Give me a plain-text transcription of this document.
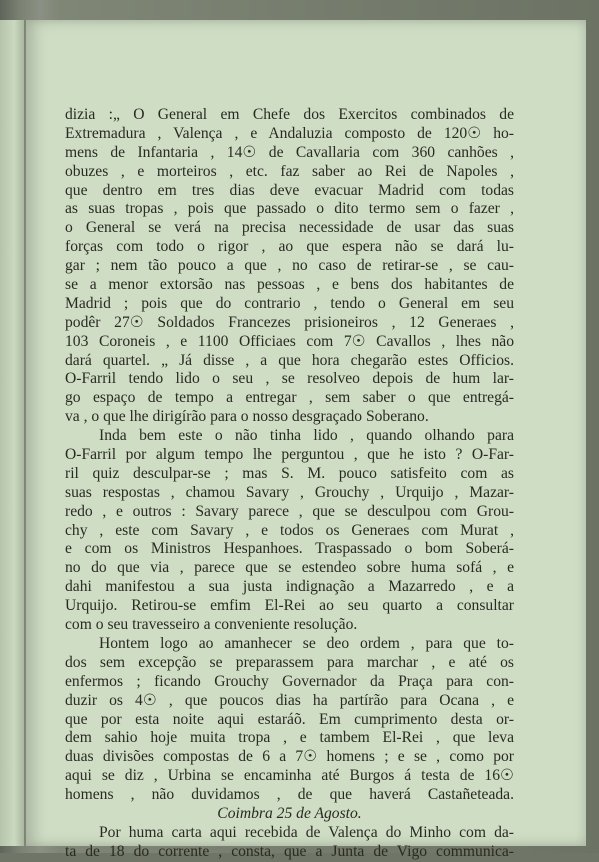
dizia :„ O General em Chefe dos Exercitos combinados de
Extremadura , Valença , e Andaluzia composto de 120☉ ho-
mens de Infantaria , 14☉ de Cavallaria com 360 canhões ,
obuzes , e morteiros , etc. faz saber ao Rei de Napoles ,
que dentro em tres dias deve evacuar Madrid com todas
as suas tropas , pois que passado o dito termo sem o fazer ,
o General se verá na precisa necessidade de usar das suas
forças com todo o rigor , ao que espera não se dará lu-
gar ; nem tão pouco a que , no caso de retirar-se , se cau-
se a menor extorsão nas pessoas , e bens dos habitantes de
Madrid ; pois que do contrario , tendo o General em seu
podêr 27☉ Soldados Francezes prisioneiros , 12 Generaes ,
103 Coroneis , e 1100 Officiaes com 7☉ Cavallos , lhes não
dará quartel. „ Já disse , a que hora chegarão estes Officios.
O-Farril tendo lido o seu , se resolveo depois de hum lar-
go espaço de tempo a entregar , sem saber o que entregá-
va , o que lhe dirigírão para o nosso desgraçado Soberano.
Inda bem este o não tinha lido , quando olhando para
O-Farril por algum tempo lhe perguntou , que he isto ? O-Far-
ril quiz desculpar-se ; mas S. M. pouco satisfeito com as
suas respostas , chamou Savary , Grouchy , Urquijo , Mazar-
redo , e outros : Savary parece , que se desculpou com Grou-
chy , este com Savary , e todos os Generaes com Murat ,
e com os Ministros Hespanhoes. Traspassado o bom Soberá-
no do que via , parece que se estendeo sobre huma sofá , e
dahi manifestou a sua justa indignação a Mazarredo , e a
Urquijo. Retirou-se emfim El-Rei ao seu quarto a consultar
com o seu travesseiro a conveniente resolução.
Hontem logo ao amanhecer se deo ordem , para que to-
dos sem excepção se preparassem para marchar , e até os
enfermos ; ficando Grouchy Governador da Praça para con-
duzir os 4☉ , que poucos dias ha partírão para Ocana , e
que por esta noite aqui estaráõ. Em cumprimento desta or-
dem sahio hoje muita tropa , e tambem El-Rei , que leva
duas divisões compostas de 6 a 7☉ homens ; e se , como por
aqui se diz , Urbina se encaminha até Burgos á testa de 16☉
homens , não duvidamos , de que haverá Castañeteada.
Coimbra 25 de Agosto.
Por huma carta aqui recebida de Valença do Minho com da-
ta de 18 do corrente , consta, que a Junta de Vigo communica-
